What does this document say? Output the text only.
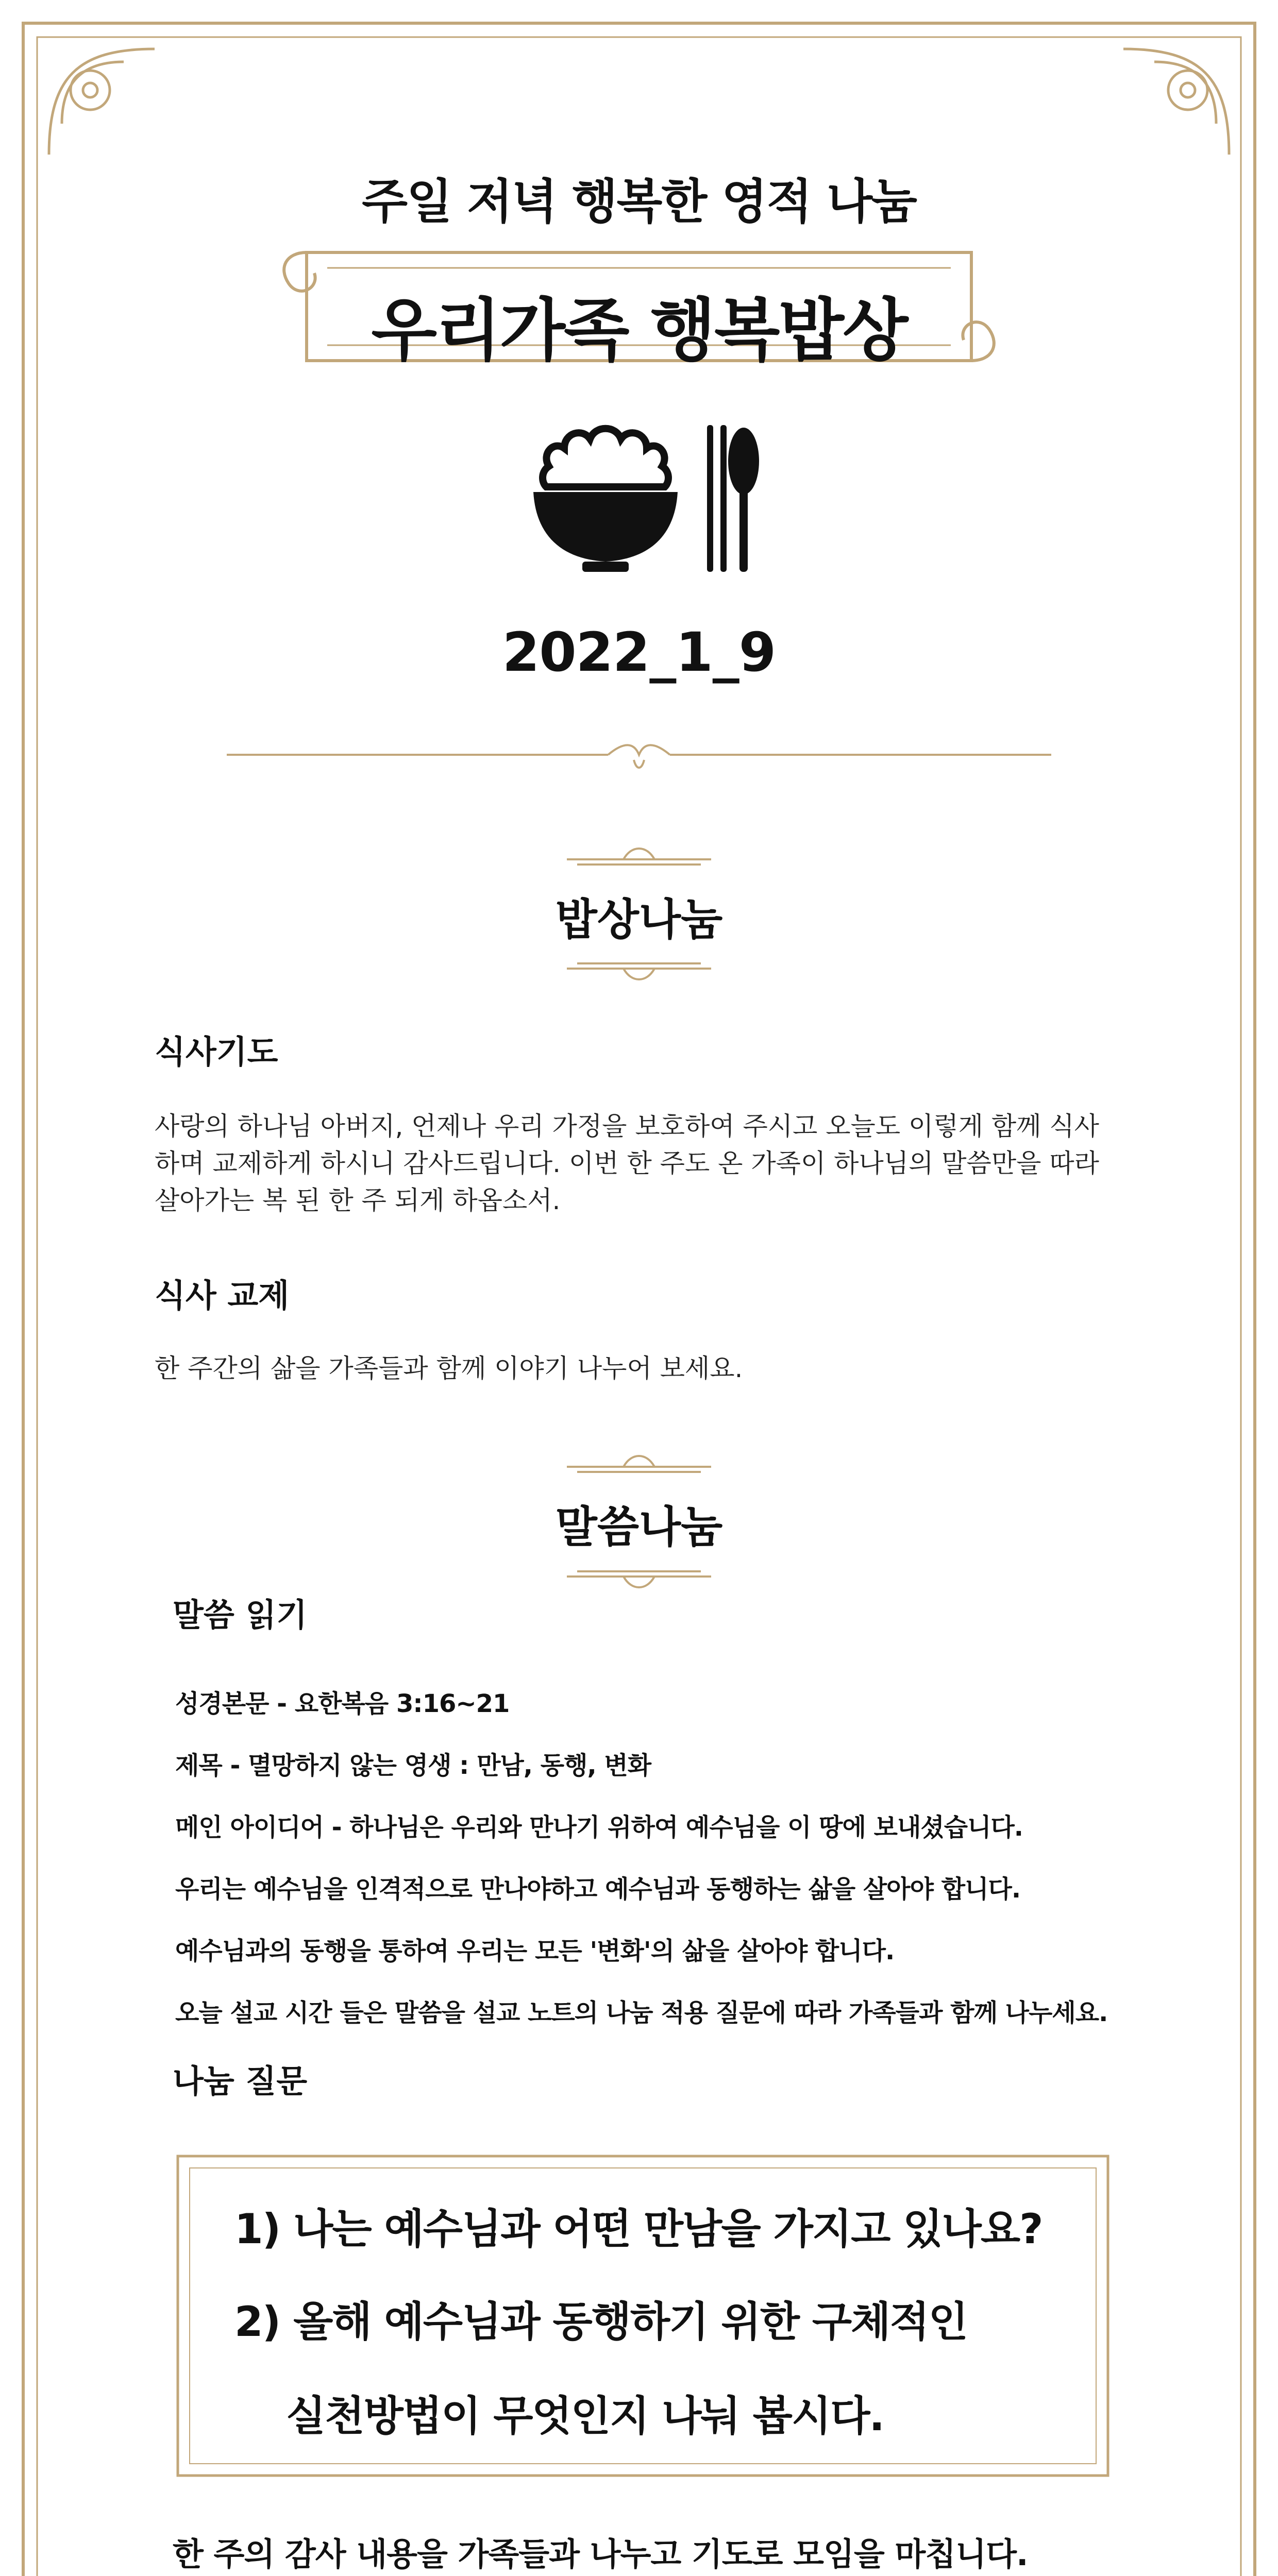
주일 저녁 행복한 영적 나눔
우리가족 행복밥상
2022_1_9
밥상나눔
식사기도
사랑의 하나님 아버지, 언제나 우리 가정을 보호하여 주시고 오늘도 이렇게 함께 식사
하며 교제하게 하시니 감사드립니다. 이번 한 주도 온 가족이 하나님의 말씀만을 따라
살아가는 복 된 한 주 되게 하옵소서.
식사 교제
한 주간의 삶을 가족들과 함께 이야기 나누어 보세요.
말씀나눔
말씀 읽기
성경본문 - 요한복음 3:16~21
제목 - 멸망하지 않는 영생 : 만남, 동행, 변화
메인 아이디어 - 하나님은 우리와 만나기 위하여 예수님을 이 땅에 보내셨습니다.
우리는 예수님을 인격적으로 만나야하고 예수님과 동행하는 삶을 살아야 합니다.
예수님과의 동행을 통하여 우리는 모든 '변화'의 삶을 살아야 합니다.
오늘 설교 시간 들은 말씀을 설교 노트의 나눔 적용 질문에 따라 가족들과 함께 나누세요.
나눔 질문
1) 나는 예수님과 어떤 만남을 가지고 있나요?
2) 올해 예수님과 동행하기 위한 구체적인
실천방법이 무엇인지 나눠 봅시다.
한 주의 감사 내용을 가족들과 나누고 기도로 모임을 마칩니다.
